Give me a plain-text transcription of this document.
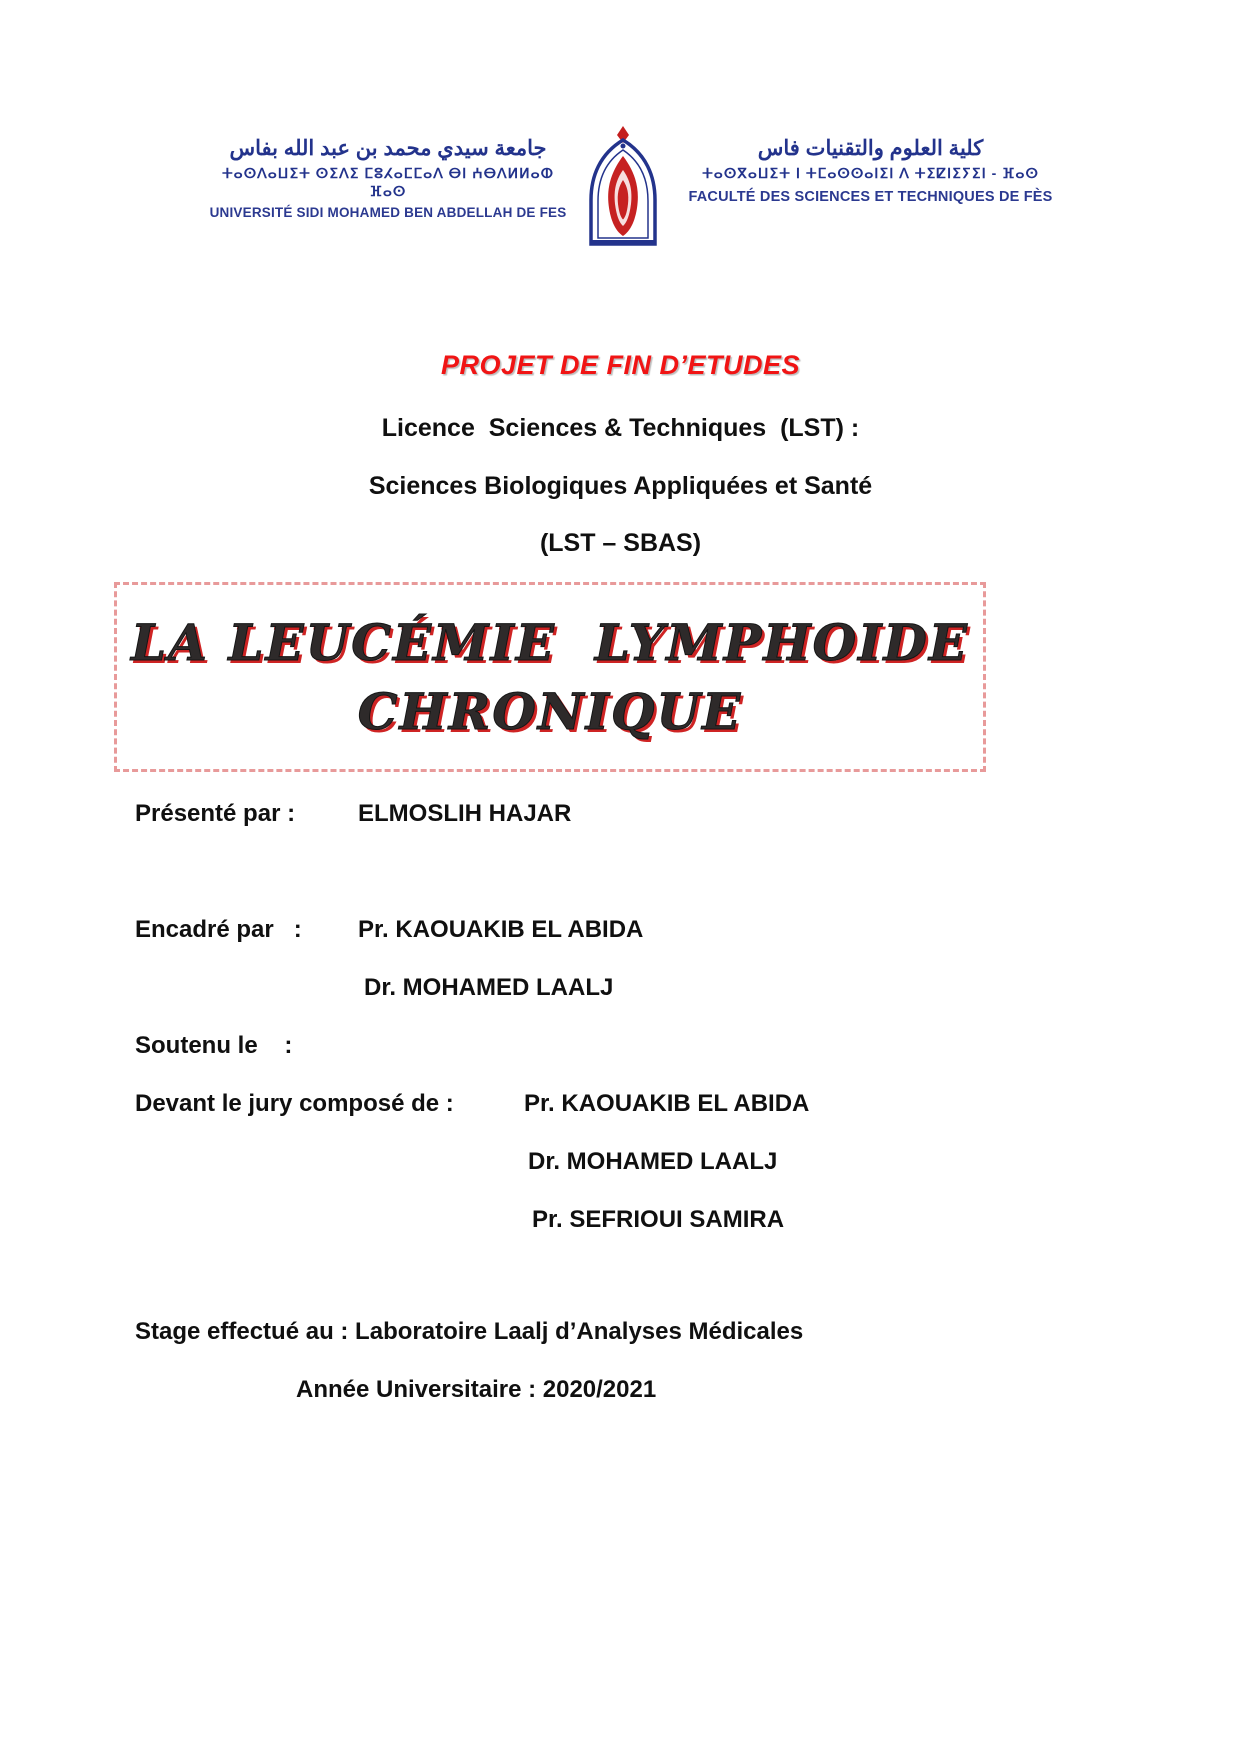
جامعة سيدي محمد بن عبد الله بفاس
ⵜⴰⵙⴷⴰⵡⵉⵜ ⵙⵉⴷⵉ ⵎⵓⵃⴰⵎⵎⴰⴷ ⴱⵏ ⵄⴱⴷⵍⵍⴰⵀ ⴼⴰⵙ
UNIVERSITÉ SIDI MOHAMED BEN ABDELLAH DE FES
كلية العلوم والتقنيات فاس
ⵜⴰⵙⴳⴰⵡⵉⵜ ⵏ ⵜⵎⴰⵙⵙⴰⵏⵉⵏ ⴷ ⵜⵉⵇⵏⵉⵢⵉⵏ - ⴼⴰⵙ
FACULTÉ DES SCIENCES ET TECHNIQUES DE FÈS
PROJET DE FIN D’ETUDES
Licence  Sciences & Techniques  (LST) :
Sciences Biologiques Appliquées et Santé
(LST – SBAS)
LA LEUCÉMIE  LYMPHOIDE
CHRONIQUE
Présenté par :	ELMOSLIH HAJAR
Encadré par   : Pr. KAOUAKIB EL ABIDA
Dr. MOHAMED LAALJ
Soutenu le    :
Devant le jury composé de :	Pr. KAOUAKIB EL ABIDA
Dr. MOHAMED LAALJ
Pr. SEFRIOUI SAMIRA
Stage effectué au : Laboratoire Laalj d’Analyses Médicales
Année Universitaire : 2020/2021
